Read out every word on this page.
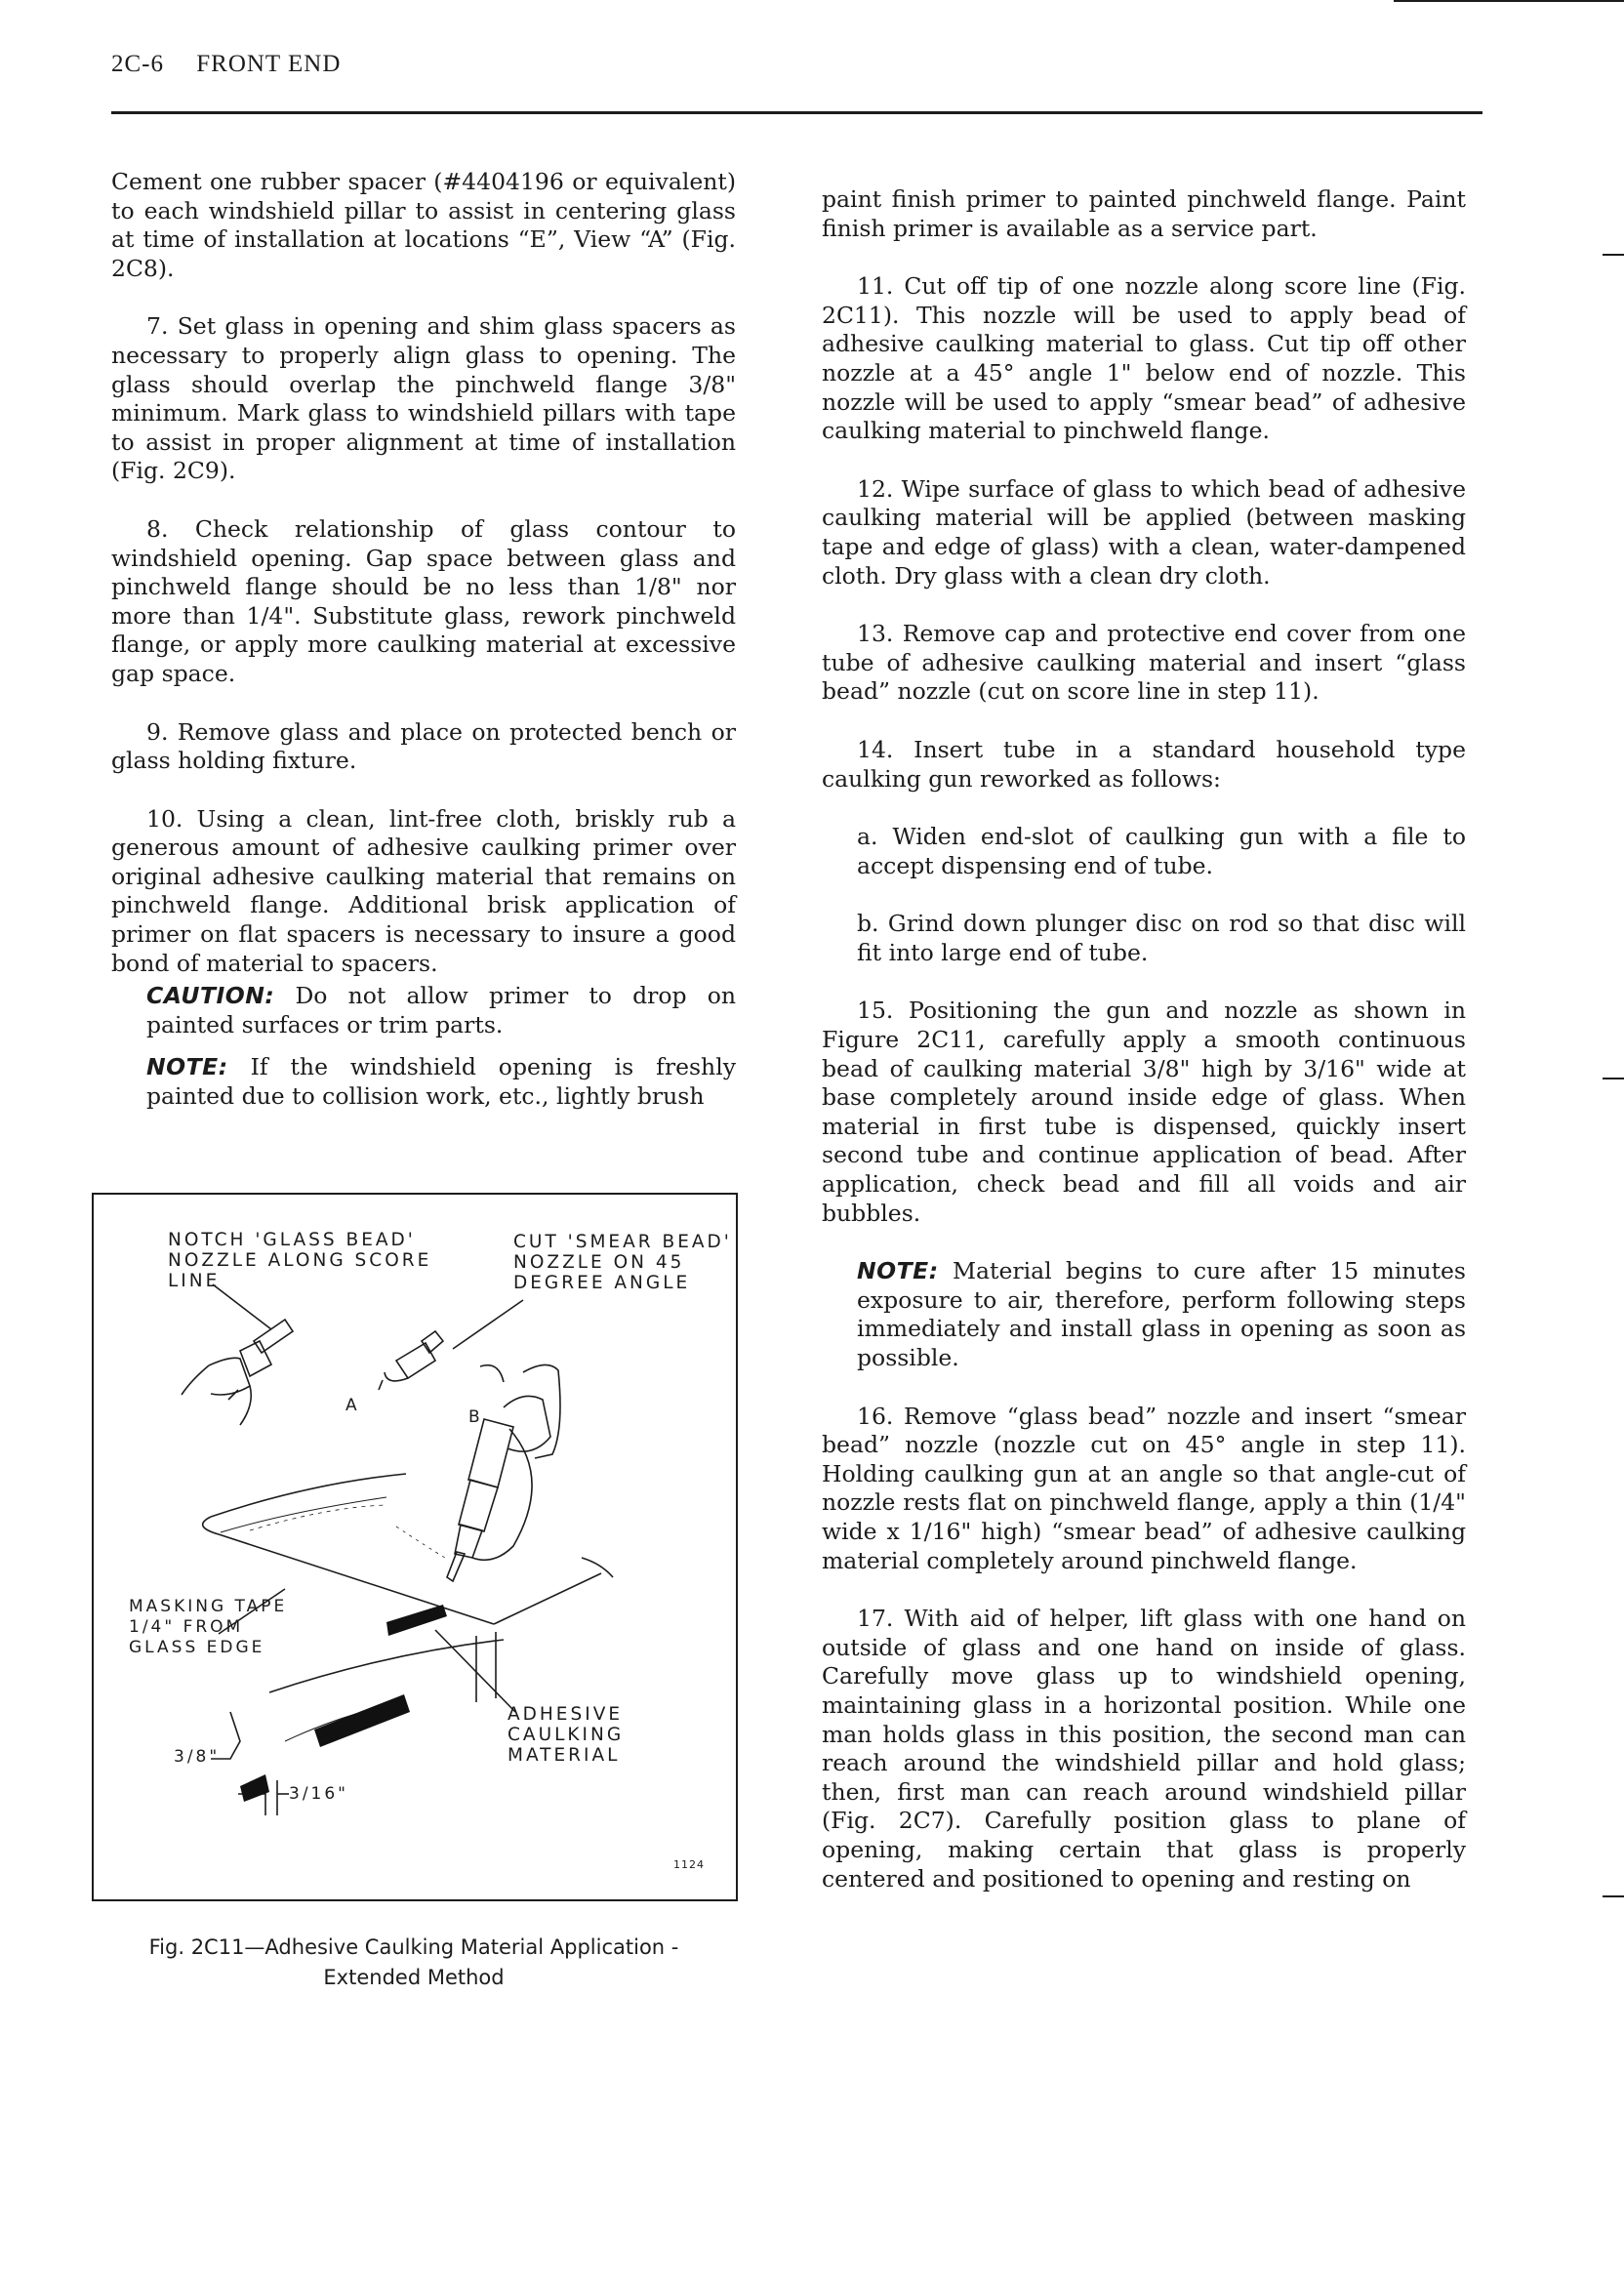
2C-6 FRONT END

Cement one rubber spacer (#4404196 or equivalent) to each windshield pillar to assist in centering glass at time of installation at locations “E”, View “A” (Fig. 2C8).

7. Set glass in opening and shim glass spacers as necessary to properly align glass to opening. The glass should overlap the pinchweld flange 3/8" minimum. Mark glass to windshield pillars with tape to assist in proper alignment at time of installation (Fig. 2C9).

8. Check relationship of glass contour to windshield opening. Gap space between glass and pinchweld flange should be no less than 1/8" nor more than 1/4". Substitute glass, rework pinchweld flange, or apply more caulking material at excessive gap space.

9. Remove glass and place on protected bench or glass holding fixture.

10. Using a clean, lint-free cloth, briskly rub a generous amount of adhesive caulking primer over original adhesive caulking material that remains on pinchweld flange. Additional brisk application of primer on flat spacers is necessary to insure a good bond of material to spacers.

CAUTION: Do not allow primer to drop on painted surfaces or trim parts.

NOTE: If the windshield opening is freshly painted due to collision work, etc., lightly brush

NOTCH 'GLASS BEAD'
NOZZLE ALONG SCORE
LINE
CUT 'SMEAR BEAD'
NOZZLE ON 45
DEGREE ANGLE
A
B
MASKING TAPE
1/4" FROM
GLASS EDGE
ADHESIVE
CAULKING
MATERIAL
3/8"
3/16"
1124
Fig. 2C11—Adhesive Caulking Material Application -
Extended Method

paint finish primer to painted pinchweld flange. Paint finish primer is available as a service part.

11. Cut off tip of one nozzle along score line (Fig. 2C11). This nozzle will be used to apply bead of adhesive caulking material to glass. Cut tip off other nozzle at a 45° angle 1" below end of nozzle. This nozzle will be used to apply “smear bead” of adhesive caulking material to pinchweld flange.

12. Wipe surface of glass to which bead of adhesive caulking material will be applied (between masking tape and edge of glass) with a clean, water-dampened cloth. Dry glass with a clean dry cloth.

13. Remove cap and protective end cover from one tube of adhesive caulking material and insert “glass bead” nozzle (cut on score line in step 11).

14. Insert tube in a standard household type caulking gun reworked as follows:

a. Widen end-slot of caulking gun with a file to accept dispensing end of tube.

b. Grind down plunger disc on rod so that disc will fit into large end of tube.

15. Positioning the gun and nozzle as shown in Figure 2C11, carefully apply a smooth continuous bead of caulking material 3/8" high by 3/16" wide at base completely around inside edge of glass. When material in first tube is dispensed, quickly insert second tube and continue application of bead. After application, check bead and fill all voids and air bubbles.

NOTE: Material begins to cure after 15 minutes exposure to air, therefore, perform following steps immediately and install glass in opening as soon as possible.

16. Remove “glass bead” nozzle and insert “smear bead” nozzle (nozzle cut on 45° angle in step 11). Holding caulking gun at an angle so that angle-cut of nozzle rests flat on pinchweld flange, apply a thin (1/4" wide x 1/16" high) “smear bead” of adhesive caulking material completely around pinchweld flange.

17. With aid of helper, lift glass with one hand on outside of glass and one hand on inside of glass. Carefully move glass up to windshield opening, maintaining glass in a horizontal position. While one man holds glass in this position, the second man can reach around the windshield pillar and hold glass; then, first man can reach around windshield pillar (Fig. 2C7). Carefully position glass to plane of opening, making certain that glass is properly centered and positioned to opening and resting on
